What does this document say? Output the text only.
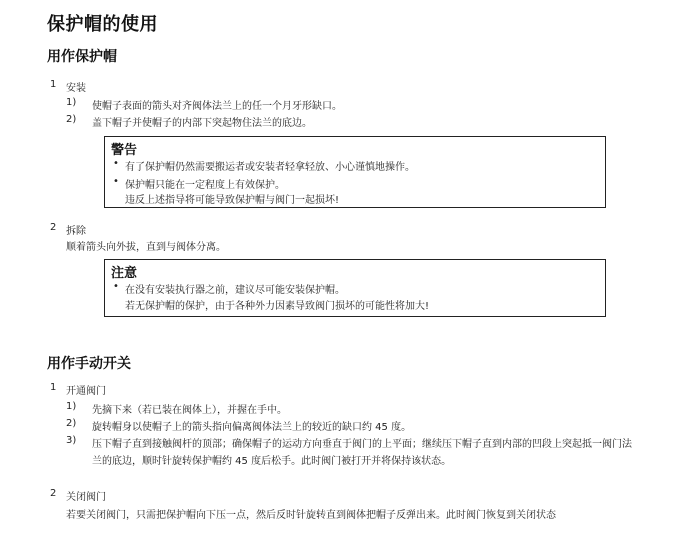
保护帽的使用
用作保护帽
1 安装
1) 使帽子表面的箭头对齐阀体法兰上的任一个月牙形缺口。
2) 盖下帽子并使帽子的内部下突起物住法兰的底边。
警告
• 有了保护帽仍然需要搬运者或安装者轻拿轻放、小心谨慎地操作。
• 保护帽只能在一定程度上有效保护。
违反上述指导将可能导致保护帽与阀门一起损坏!
2 拆除
顺着箭头向外拔，直到与阀体分离。
注意
• 在没有安装执行器之前，建议尽可能安装保护帽。
若无保护帽的保护，由于各种外力因素导致阀门损坏的可能性将加大!
用作手动开关
1 开通阀门
1) 先摘下来（若已装在阀体上），并握在手中。
2) 旋转帽身以使帽子上的箭头指向偏离阀体法兰上的较近的缺口约 45 度。
3) 压下帽子直到接触阀杆的顶部；确保帽子的运动方向垂直于阀门的上平面；继续压下帽子直到内部的凹段上突起抵一阀门法
兰的底边，顺时针旋转保护帽约 45 度后松手。此时阀门被打开并将保持该状态。
2 关闭阀门
若要关闭阀门，只需把保护帽向下压一点，然后反时针旋转直到阀体把帽子反弹出来。此时阀门恢复到关闭状态
